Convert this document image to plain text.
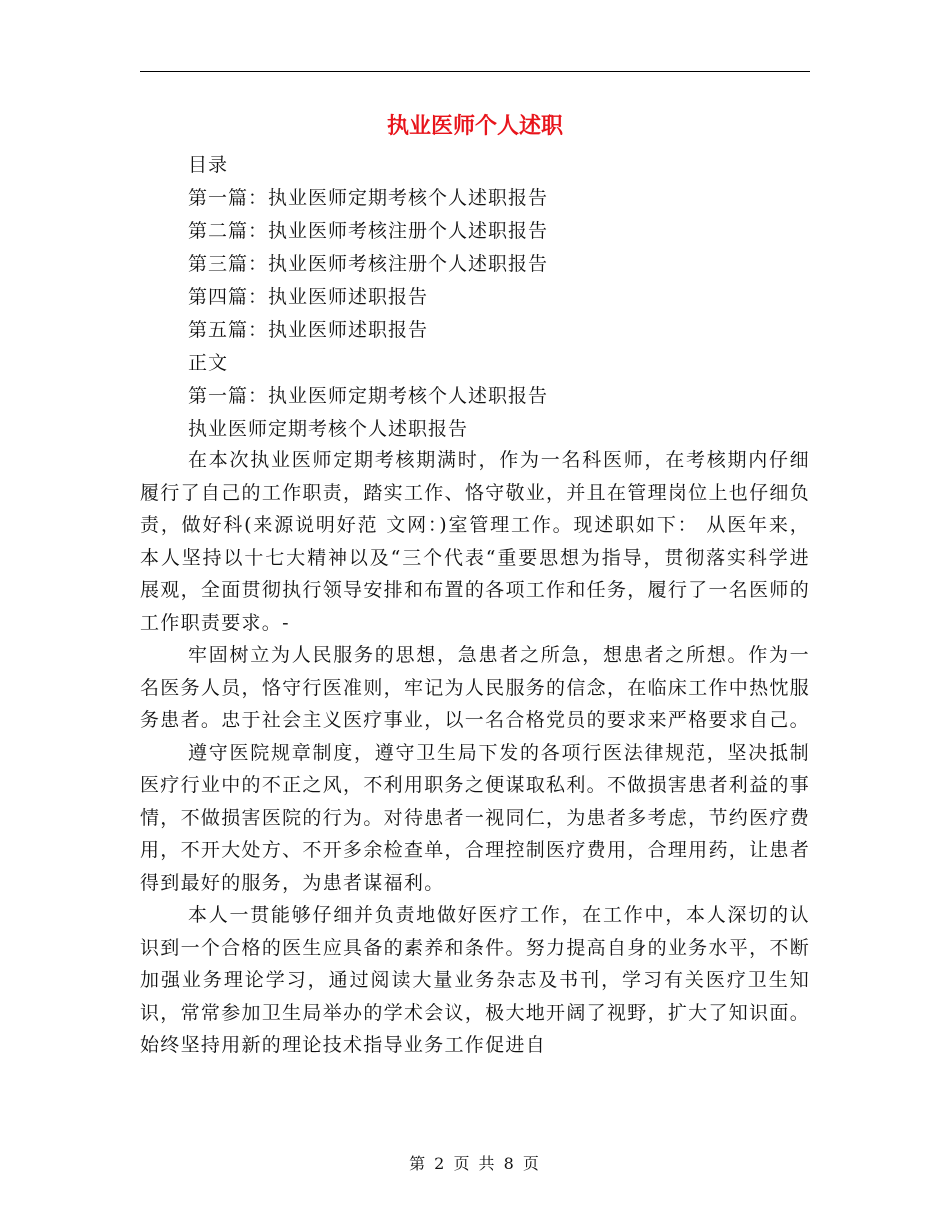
执业医师个人述职
目录
第一篇：执业医师定期考核个人述职报告
第二篇：执业医师考核注册个人述职报告
第三篇：执业医师考核注册个人述职报告
第四篇：执业医师述职报告
第五篇：执业医师述职报告
正文
第一篇：执业医师定期考核个人述职报告
执业医师定期考核个人述职报告

在本次执业医师定期考核期满时，作为一名科医师，在考核期内仔细履行了自己的工作职责，踏实工作、恪守敬业，并且在管理岗位上也仔细负责，做好科(来源说明好范 文网：)室管理工作。现述职如下： 从医年来，本人坚持以十七大精神以及“三个代表“重要思想为指导，贯彻落实科学进展观，全面贯彻执行领导安排和布置的各项工作和任务，履行了一名医师的工作职责要求。-

牢固树立为人民服务的思想，急患者之所急，想患者之所想。作为一名医务人员，恪守行医准则，牢记为人民服务的信念，在临床工作中热忱服务患者。忠于社会主义医疗事业，以一名合格党员的要求来严格要求自己。

遵守医院规章制度，遵守卫生局下发的各项行医法律规范，坚决抵制医疗行业中的不正之风，不利用职务之便谋取私利。不做损害患者利益的事情，不做损害医院的行为。对待患者一视同仁，为患者多考虑，节约医疗费用，不开大处方、不开多余检查单，合理控制医疗费用，合理用药，让患者得到最好的服务，为患者谋福利。

本人一贯能够仔细并负责地做好医疗工作，在工作中，本人深切的认识到一个合格的医生应具备的素养和条件。努力提高自身的业务水平，不断加强业务理论学习，通过阅读大量业务杂志及书刊，学习有关医疗卫生知识，常常参加卫生局举办的学术会议，极大地开阔了视野，扩大了知识面。始终坚持用新的理论技术指导业务工作促进自

第 2 页 共 8 页
